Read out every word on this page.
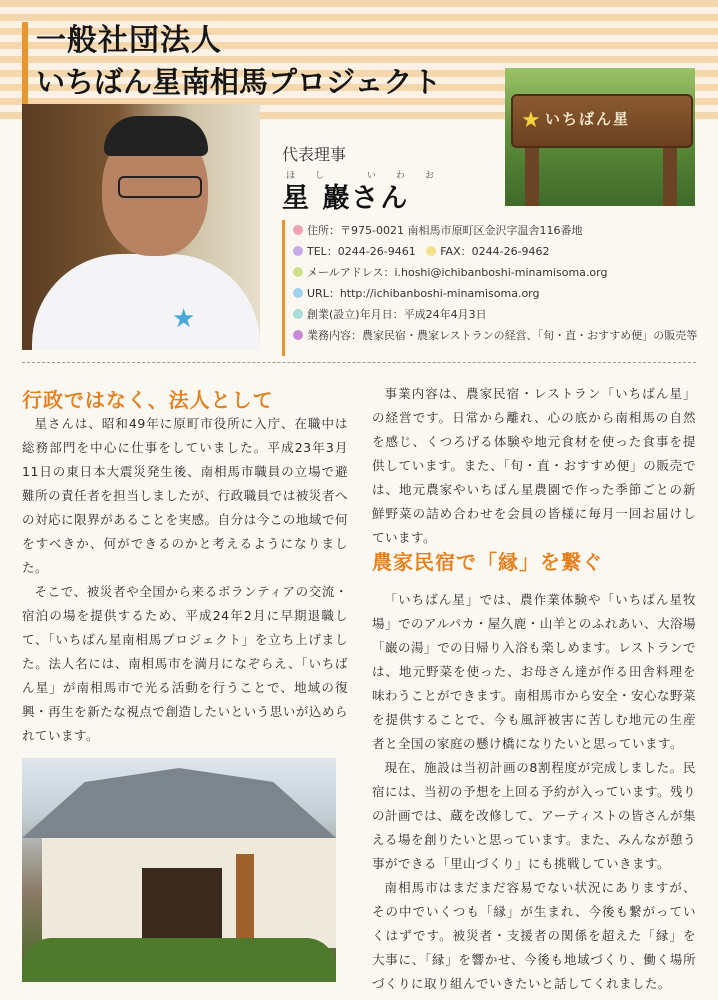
一般社団法人
いちばん星南相馬プロジェクト
★ いちばん星
★
代表理事
ほし いわお
星 巖さん
住所：〒975-0021 南相馬市原町区金沢字温舎116番地
TEL：0244-26-9461 FAX：0244-26-9462
メールアドレス：i.hoshi@ichibanboshi-minamisoma.org
URL：http://ichibanboshi-minamisoma.org
創業(設立)年月日：平成24年4月3日
業務内容：農家民宿・農家レストランの経営、「旬・直・おすすめ便」の販売等
行政ではなく、法人として

星さんは、昭和49年に原町市役所に入庁、在職中は総務部門を中心に仕事をしていました。平成23年3月11日の東日本大震災発生後、南相馬市職員の立場で避難所の責任者を担当しましたが、行政職員では被災者への対応に限界があることを実感。自分は今この地域で何をすべきか、何ができるのかと考えるようになりました。

そこで、被災者や全国から来るボランティアの交流・宿泊の場を提供するため、平成24年2月に早期退職して、「いちばん星南相馬プロジェクト」を立ち上げました。法人名には、南相馬市を満月になぞらえ、「いちばん星」が南相馬市で光る活動を行うことで、地域の復興・再生を新たな視点で創造したいという思いが込められています。

事業内容は、農家民宿・レストラン「いちばん星」の経営です。日常から離れ、心の底から南相馬の自然を感じ、くつろげる体験や地元食材を使った食事を提供しています。また、「旬・直・おすすめ便」の販売では、地元農家やいちばん星農園で作った季節ごとの新鮮野菜の詰め合わせを会員の皆様に毎月一回お届けしています。

農家民宿で「縁」を繋ぐ

「いちばん星」では、農作業体験や「いちばん星牧場」でのアルパカ・屋久鹿・山羊とのふれあい、大浴場「巌の湯」での日帰り入浴も楽しめます。レストランでは、地元野菜を使った、お母さん達が作る田舎料理を味わうことができます。南相馬市から安全・安心な野菜を提供することで、今も風評被害に苦しむ地元の生産者と全国の家庭の懸け橋になりたいと思っています。

現在、施設は当初計画の8割程度が完成しました。民宿には、当初の予想を上回る予約が入っています。残りの計画では、蔵を改修して、アーティストの皆さんが集える場を創りたいと思っています。また、みんなが憩う事ができる「里山づくり」にも挑戦していきます。

南相馬市はまだまだ容易でない状況にありますが、その中でいくつも「縁」が生まれ、今後も繋がっていくはずです。被災者・支援者の関係を超えた「縁」を大事に、「縁」を響かせ、今後も地域づくり、働く場所づくりに取り組んでいきたいと話してくれました。
